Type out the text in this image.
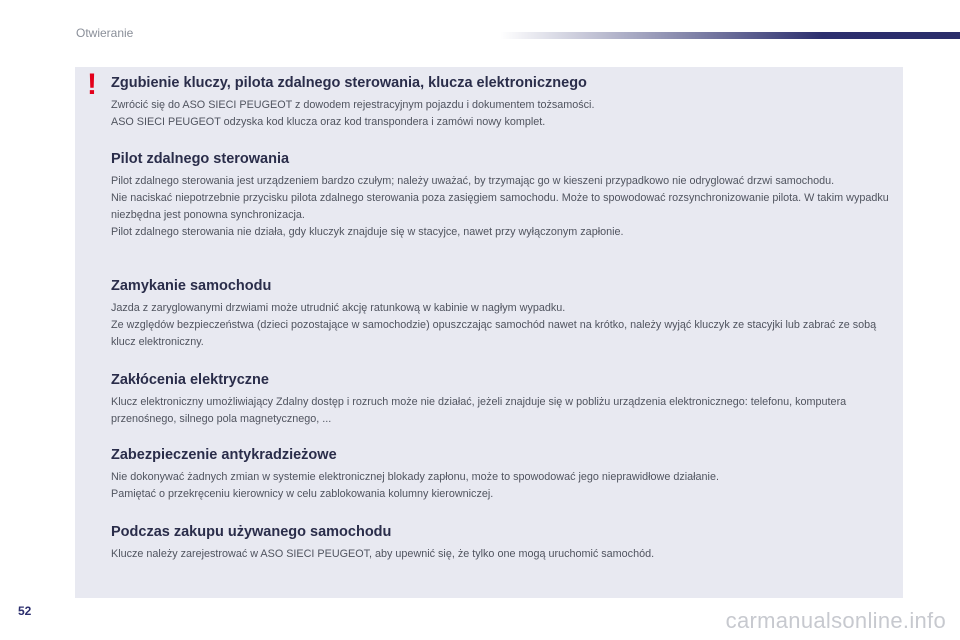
Otwieranie
! Zgubienie kluczy, pilota zdalnego sterowania, klucza elektronicznego

Zwrócić się do ASO SIECI PEUGEOT z dowodem rejestracyjnym pojazdu i dokumentem tożsamości.
ASO SIECI PEUGEOT odzyska kod klucza oraz kod transpondera i zamówi nowy komplet.

Pilot zdalnego sterowania

Pilot zdalnego sterowania jest urządzeniem bardzo czułym; należy uważać, by trzymając go w kieszeni przypadkowo nie odryglować drzwi samochodu.
Nie naciskać niepotrzebnie przycisku pilota zdalnego sterowania poza zasięgiem samochodu. Może to spowodować rozsynchronizowanie pilota. W takim wypadku niezbędna jest ponowna synchronizacja.
Pilot zdalnego sterowania nie działa, gdy kluczyk znajduje się w stacyjce, nawet przy wyłączonym zapłonie.

Zamykanie samochodu

Jazda z zaryglowanymi drzwiami może utrudnić akcję ratunkową w kabinie w nagłym wypadku.
Ze względów bezpieczeństwa (dzieci pozostające w samochodzie) opuszczając samochód nawet na krótko, należy wyjąć kluczyk ze stacyjki lub zabrać ze sobą klucz elektroniczny.

Zakłócenia elektryczne

Klucz elektroniczny umożliwiający Zdalny dostęp i rozruch może nie działać, jeżeli znajduje się w pobliżu urządzenia elektronicznego: telefonu, komputera przenośnego, silnego pola magnetycznego, ...

Zabezpieczenie antykradzieżowe

Nie dokonywać żadnych zmian w systemie elektronicznej blokady zapłonu, może to spowodować jego nieprawidłowe działanie.
Pamiętać o przekręceniu kierownicy w celu zablokowania kolumny kierowniczej.

Podczas zakupu używanego samochodu

Klucze należy zarejestrować w ASO SIECI PEUGEOT, aby upewnić się, że tylko one mogą uruchomić samochód.

52	carmanualsonline.info
